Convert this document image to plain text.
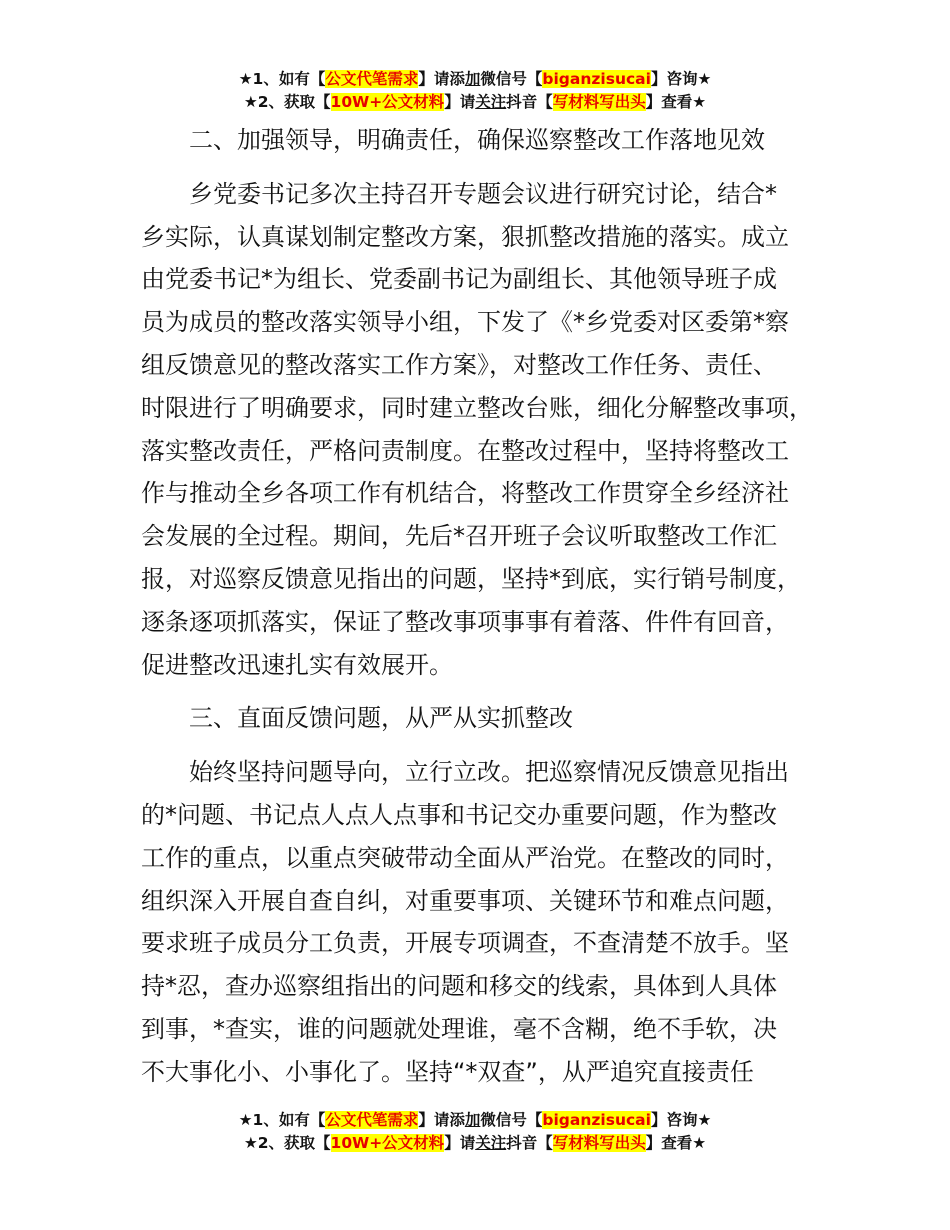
★1、如有【公文代笔需求】请添加微信号【biganzisucai】咨询★
★2、获取【10W+公文材料】请关注抖音【写材料写出头】查看★

二、加强领导，明确责任，确保巡察整改工作落地见效

　　乡党委书记多次主持召开专题会议进行研究讨论，结合*
乡实际，认真谋划制定整改方案，狠抓整改措施的落实。成立
由党委书记*为组长、党委副书记为副组长、其他领导班子成
员为成员的整改落实领导小组，下发了《*乡党委对区委第*察
组反馈意见的整改落实工作方案》，对整改工作任务、责任、
时限进行了明确要求，同时建立整改台账，细化分解整改事项，
落实整改责任，严格问责制度。在整改过程中，坚持将整改工
作与推动全乡各项工作有机结合，将整改工作贯穿全乡经济社
会发展的全过程。期间，先后*召开班子会议听取整改工作汇
报，对巡察反馈意见指出的问题，坚持*到底，实行销号制度，
逐条逐项抓落实，保证了整改事项事事有着落、件件有回音，
促进整改迅速扎实有效展开。

三、直面反馈问题，从严从实抓整改

　　始终坚持问题导向，立行立改。把巡察情况反馈意见指出
的*问题、书记点人点人点事和书记交办重要问题，作为整改
工作的重点，以重点突破带动全面从严治党。在整改的同时，
组织深入开展自查自纠，对重要事项、关键环节和难点问题，
要求班子成员分工负责，开展专项调查，不查清楚不放手。坚
持*忍，查办巡察组指出的问题和移交的线索，具体到人具体
到事，*查实，谁的问题就处理谁，毫不含糊，绝不手软，决
不大事化小、小事化了。坚持“*双查”，从严追究直接责任

★1、如有【公文代笔需求】请添加微信号【biganzisucai】咨询★
★2、获取【10W+公文材料】请关注抖音【写材料写出头】查看★
